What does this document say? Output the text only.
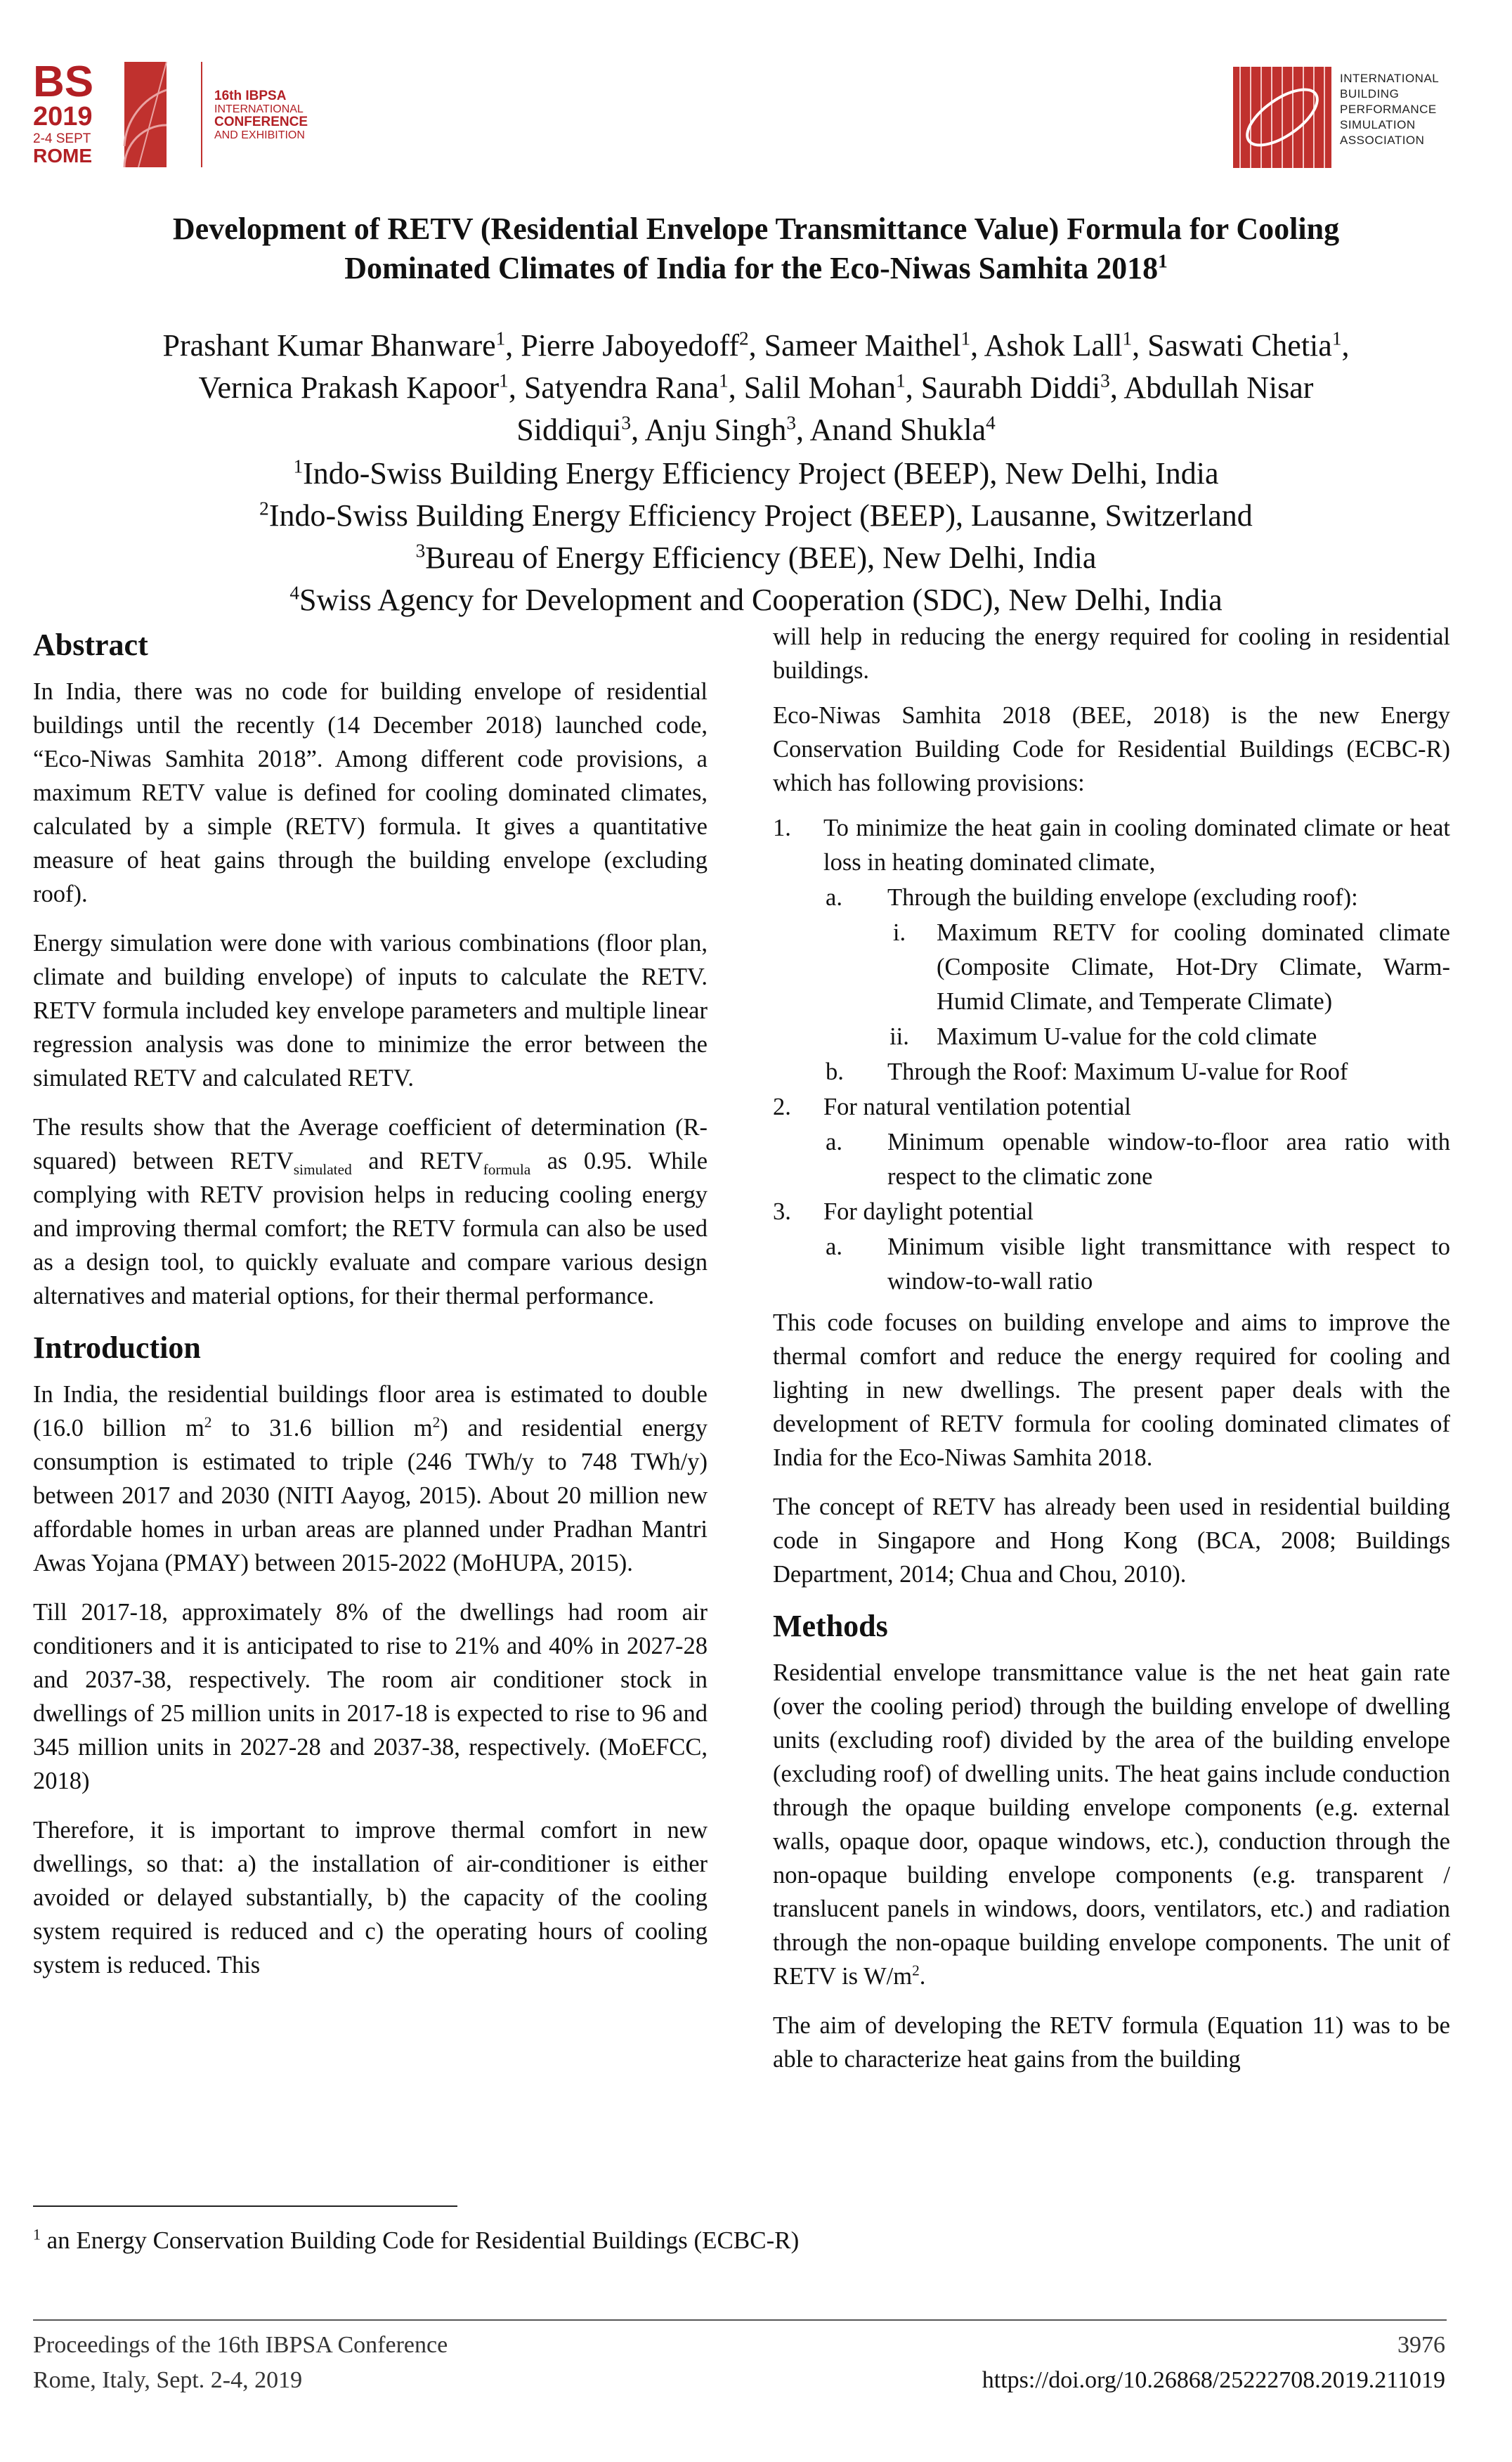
BS
2019
2-4 SEPT
ROME
16th IBPSA
INTERNATIONAL
CONFERENCE
AND EXHIBITION
INTERNATIONAL
BUILDING
PERFORMANCE
SIMULATION
ASSOCIATION
Development of RETV (Residential Envelope Transmittance Value) Formula for Cooling
Dominated Climates of India for the Eco-Niwas Samhita 2018$^1$
Prashant Kumar Bhanware$^1$, Pierre Jaboyedoff$^2$, Sameer Maithel$^1$, Ashok Lall$^1$, Saswati Chetia$^1$,
Vernica Prakash Kapoor$^1$, Satyendra Rana$^1$, Salil Mohan$^1$, Saurabh Diddi$^3$, Abdullah Nisar
Siddiqui$^3$, Anju Singh$^3$, Anand Shukla$^4$
$^1$Indo-Swiss Building Energy Efficiency Project (BEEP), New Delhi, India
$^2$Indo-Swiss Building Energy Efficiency Project (BEEP), Lausanne, Switzerland
$^3$Bureau of Energy Efficiency (BEE), New Delhi, India
$^4$Swiss Agency for Development and Cooperation (SDC), New Delhi, India
Abstract

In India, there was no code for building envelope of residential buildings until the recently (14 December 2018) launched code, “Eco-Niwas Samhita 2018”. Among different code provisions, a maximum RETV value is defined for cooling dominated climates, calculated by a simple (RETV) formula. It gives a quantitative measure of heat gains through the building envelope (excluding roof).

Energy simulation were done with various combinations (floor plan, climate and building envelope) of inputs to calculate the RETV. RETV formula included key envelope parameters and multiple linear regression analysis was done to minimize the error between the simulated RETV and calculated RETV.

The results show that the Average coefficient of determination (R-squared) between $RETV_{simulated}$ and $RETV_{formula}$ as 0.95. While complying with RETV provision helps in reducing cooling energy and improving thermal comfort; the RETV formula can also be used as a design tool, to quickly evaluate and compare various design alternatives and material options, for their thermal performance.

Introduction

In India, the residential buildings floor area is estimated to double (16.0 billion $m^2$ to 31.6 billion $m^2$) and residential energy consumption is estimated to triple (246 TWh/y to 748 TWh/y) between 2017 and 2030 (NITI Aayog, 2015). About 20 million new affordable homes in urban areas are planned under Pradhan Mantri Awas Yojana (PMAY) between 2015-2022 (MoHUPA, 2015).

Till 2017-18, approximately 8% of the dwellings had room air conditioners and it is anticipated to rise to 21% and 40% in 2027-28 and 2037-38, respectively. The room air conditioner stock in dwellings of 25 million units in 2017-18 is expected to rise to 96 and 345 million units in 2027-28 and 2037-38, respectively. (MoEFCC, 2018)

Therefore, it is important to improve thermal comfort in new dwellings, so that: a) the installation of air-conditioner is either avoided or delayed substantially, b) the capacity of the cooling system required is reduced and c) the operating hours of cooling system is reduced. This

will help in reducing the energy required for cooling in residential buildings.

Eco-Niwas Samhita 2018 (BEE, 2018) is the new Energy Conservation Building Code for Residential Buildings (ECBC-R) which has following provisions:

1. To minimize the heat gain in cooling dominated climate or heat loss in heating dominated climate,
a. Through the building envelope (excluding roof):
i.	Maximum RETV for cooling dominated climate (Composite Climate, Hot-Dry Climate, Warm-Humid Climate, and Temperate Climate)
ii.	Maximum U-value for the cold climate
b. Through the Roof: Maximum U-value for Roof
2. For natural ventilation potential
a. Minimum openable window-to-floor area ratio with respect to the climatic zone
3. For daylight potential
a. Minimum visible light transmittance with respect to window-to-wall ratio

This code focuses on building envelope and aims to improve the thermal comfort and reduce the energy required for cooling and lighting in new dwellings. The present paper deals with the development of RETV formula for cooling dominated climates of India for the Eco-Niwas Samhita 2018.

The concept of RETV has already been used in residential building code in Singapore and Hong Kong (BCA, 2008; Buildings Department, 2014; Chua and Chou, 2010).

Methods

Residential envelope transmittance value is the net heat gain rate (over the cooling period) through the building envelope of dwelling units (excluding roof) divided by the area of the building envelope (excluding roof) of dwelling units. The heat gains include conduction through the opaque building envelope components (e.g. external walls, opaque door, opaque windows, etc.), conduction through the non-opaque building envelope components (e.g. transparent / translucent panels in windows, doors, ventilators, etc.) and radiation through the non-opaque building envelope components. The unit of RETV is $W/m^2$.

The aim of developing the RETV formula (Equation 11) was to be able to characterize heat gains from the building

$^1$ an Energy Conservation Building Code for Residential Buildings (ECBC-R)
Proceedings of the 16th IBPSA Conference
Rome, Italy, Sept. 2-4, 2019
3976
https://doi.org/10.26868/25222708.2019.211019
